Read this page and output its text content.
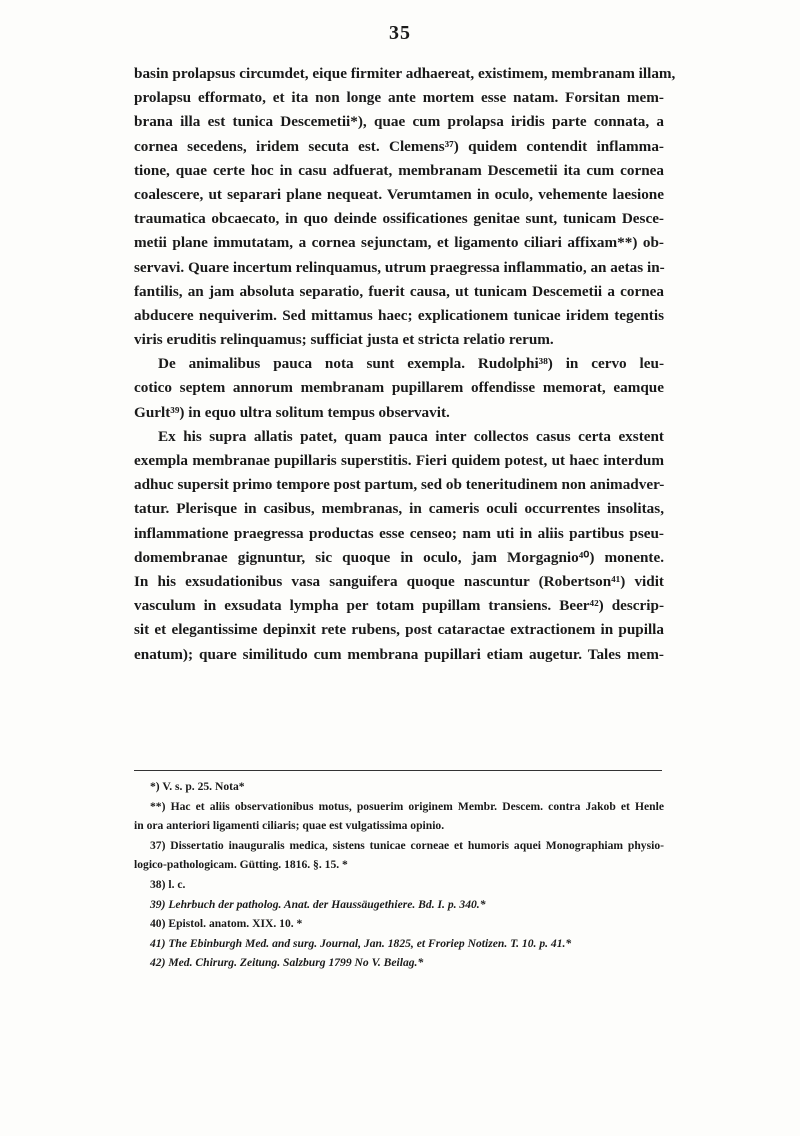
35
basin prolapsus circumdet, eique firmiter adhaereat, existimem, membranam illam,
prolapsu efformato, et ita non longe ante mortem esse natam. Forsitan mem-
brana illa est tunica Descemetii*), quae cum prolapsa iridis parte connata, a
cornea secedens, iridem secuta est. Clemens³⁷) quidem contendit inflamma-
tione, quae certe hoc in casu adfuerat, membranam Descemetii ita cum cornea
coalescere, ut separari plane nequeat. Verumtamen in oculo, vehemente laesione
traumatica obcaecato, in quo deinde ossificationes genitae sunt, tunicam Desce-
metii plane immutatam, a cornea sejunctam, et ligamento ciliari affixam**) ob-
servavi. Quare incertum relinquamus, utrum praegressa inflammatio, an aetas in-
fantilis, an jam absoluta separatio, fuerit causa, ut tunicam Descemetii a cornea
abducere nequiverim. Sed mittamus haec; explicationem tunicae iridem tegentis
viris eruditis relinquamus; sufficiat justa et stricta relatio rerum.
De animalibus pauca nota sunt exempla. Rudolphi³⁸) in cervo leu-
cotico septem annorum membranam pupillarem offendisse memorat, eamque
Gurlt³⁹) in equo ultra solitum tempus observavit.
Ex his supra allatis patet, quam pauca inter collectos casus certa exstent
exempla membranae pupillaris superstitis. Fieri quidem potest, ut haec interdum
adhuc supersit primo tempore post partum, sed ob teneritudinem non animadver-
tatur. Plerisque in casibus, membranas, in cameris oculi occurrentes insolitas,
inflammatione praegressa productas esse censeo; nam uti in aliis partibus pseu-
domembranae gignuntur, sic quoque in oculo, jam Morgagnio⁴⁰) monente.
In his exsudationibus vasa sanguifera quoque nascuntur (Robertson⁴¹) vidit
vasculum in exsudata lympha per totam pupillam transiens. Beer⁴²) descrip-
sit et elegantissime depinxit rete rubens, post cataractae extractionem in pupilla
enatum); quare similitudo cum membrana pupillari etiam augetur. Tales mem-
*) V. s. p. 25. Nota*
**) Hac et aliis observationibus motus, posuerim originem Membr. Descem. contra Jakob et Henle
in ora anteriori ligamenti ciliaris; quae est vulgatissima opinio.
37) Dissertatio inauguralis medica, sistens tunicae corneae et humoris aquei Monographiam physio-
logico-pathologicam. Gütting. 1816. §. 15. *
38) l. c.
39) Lehrbuch der patholog. Anat. der Haussäugethiere. Bd. I. p. 340.*
40) Epistol. anatom. XIX. 10. *
41) The Ebinburgh Med. and surg. Journal, Jan. 1825, et Froriep Notizen. T. 10. p. 41.*
42) Med. Chirurg. Zeitung. Salzburg 1799 No V. Beilag.*
